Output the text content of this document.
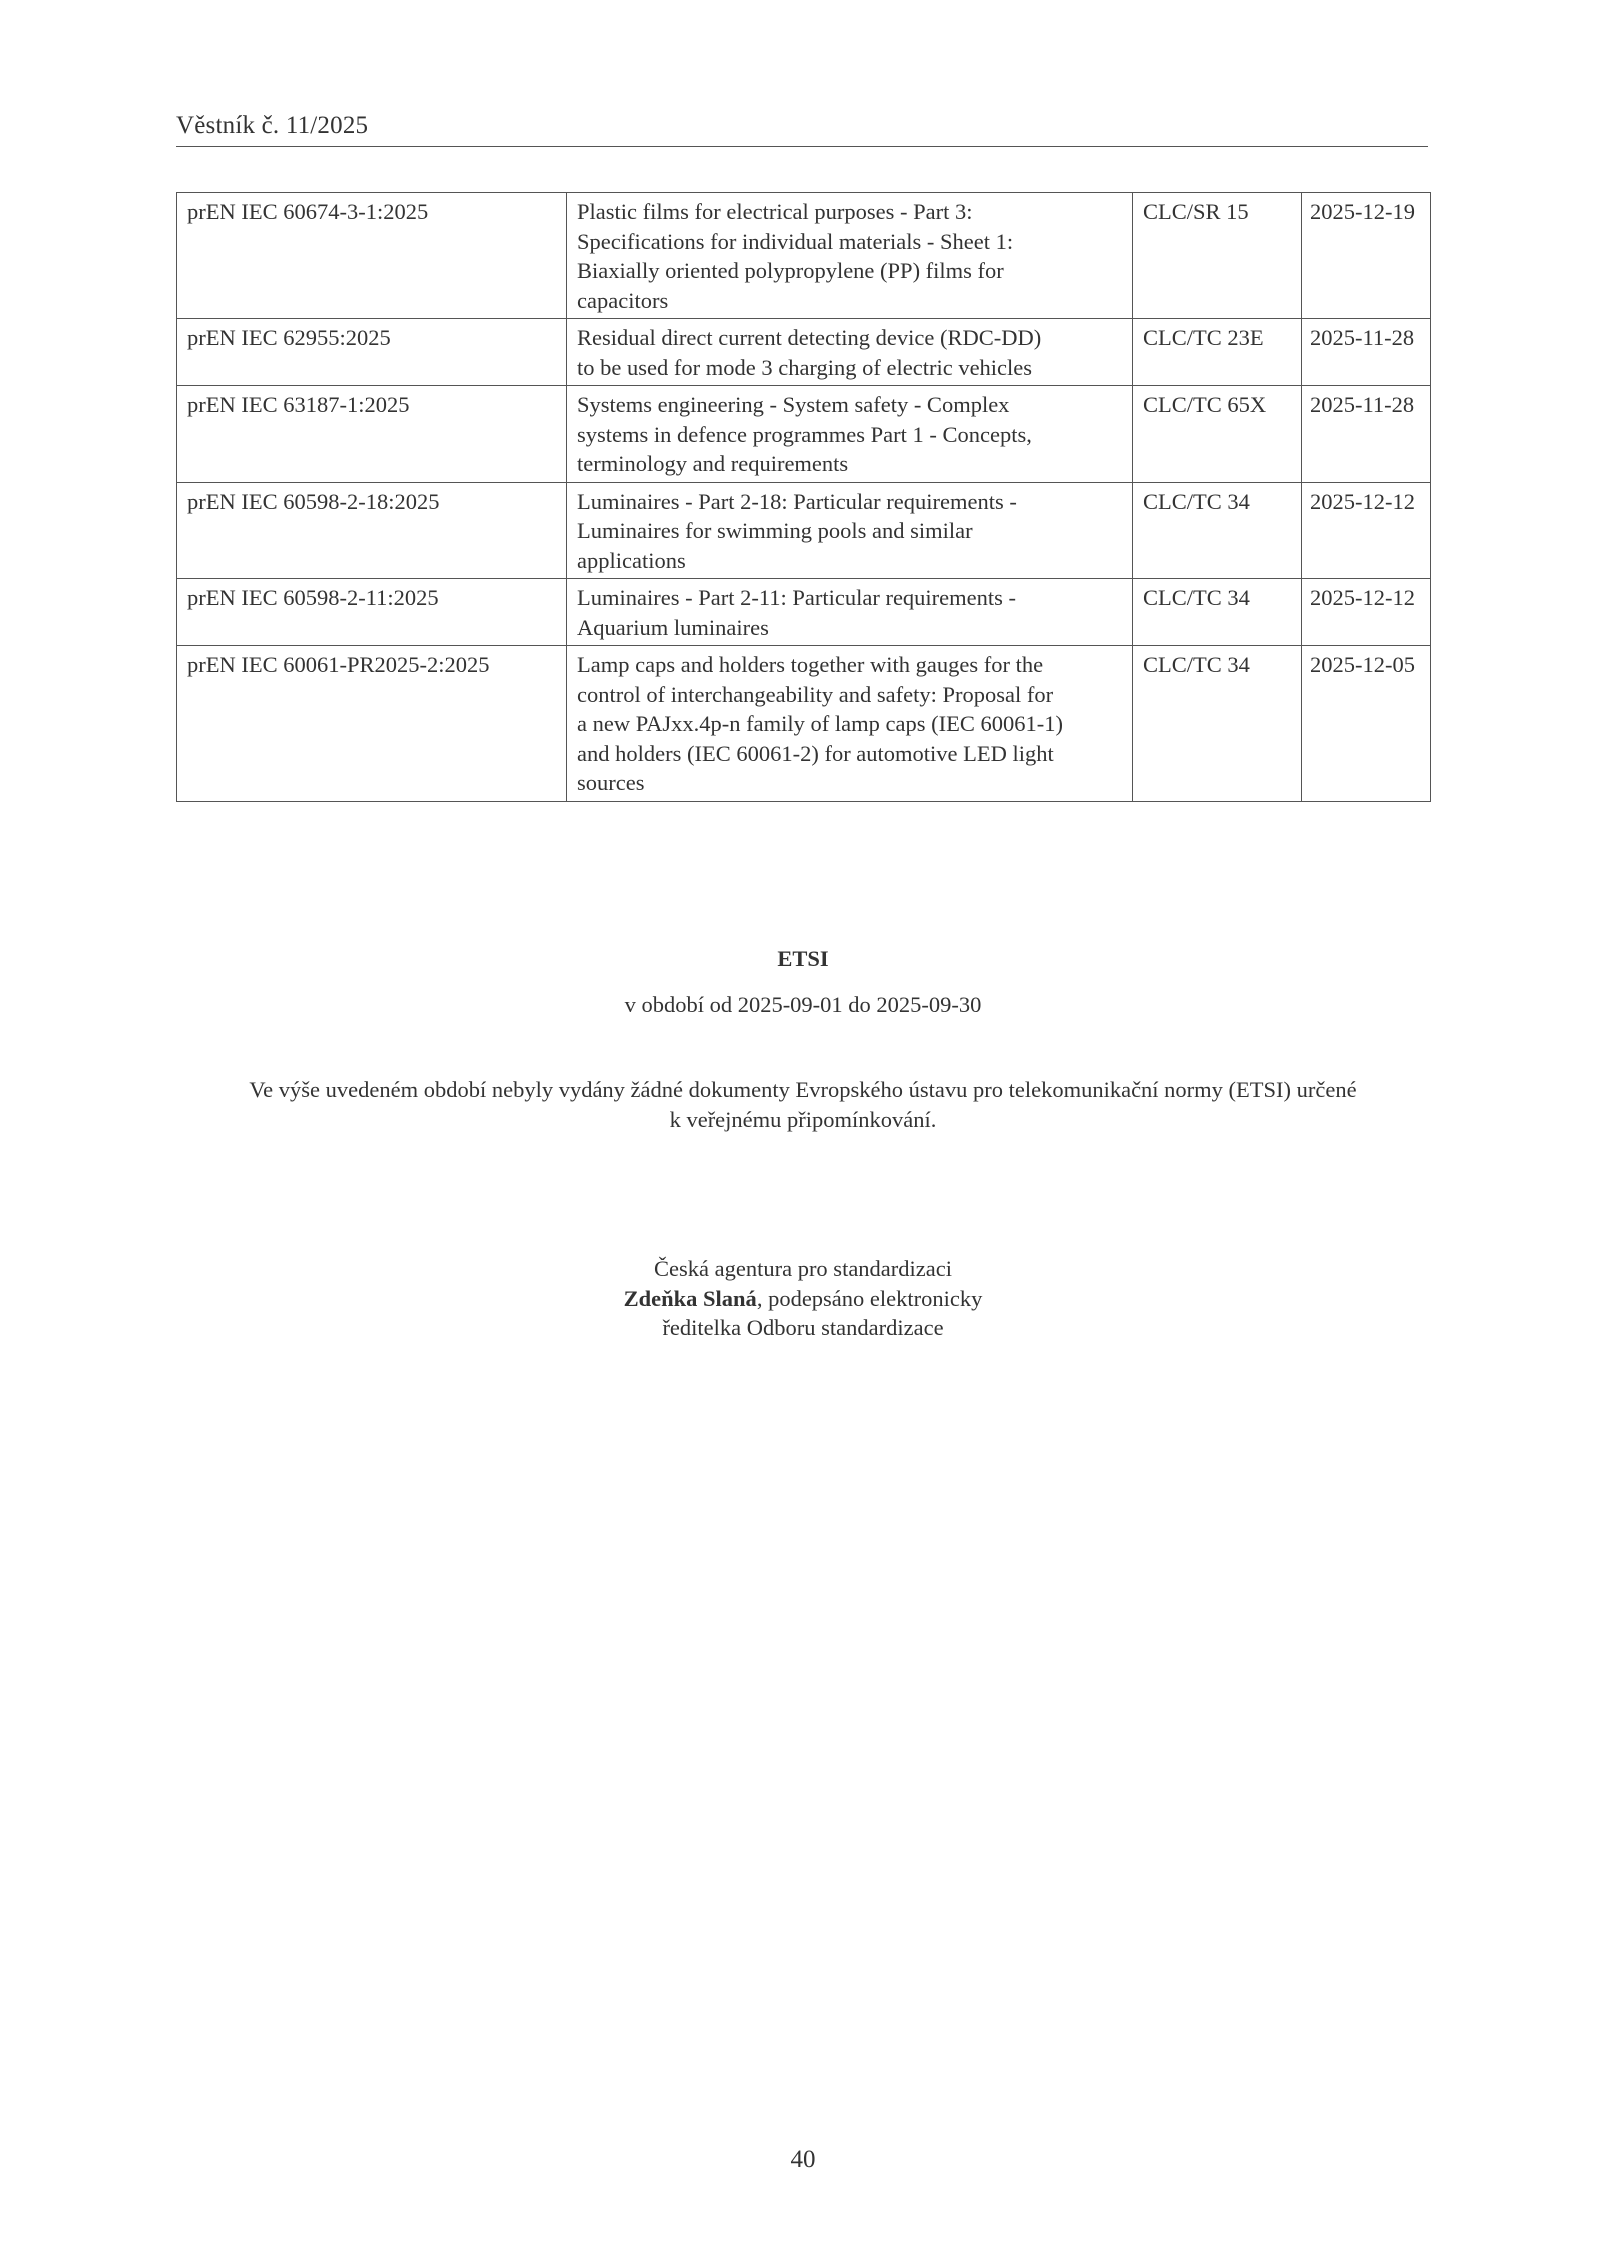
Věstník č. 11/2025
prEN IEC 60674-3-1:2025	Plastic films for electrical purposes - Part 3:
Specifications for individual materials - Sheet 1:
Biaxially oriented polypropylene (PP) films for
capacitors	CLC/SR 15	2025-12-19
prEN IEC 62955:2025	Residual direct current detecting device (RDC-DD)
to be used for mode 3 charging of electric vehicles	CLC/TC 23E	2025-11-28
prEN IEC 63187-1:2025	Systems engineering - System safety - Complex
systems in defence programmes Part 1 - Concepts,
terminology and requirements	CLC/TC 65X	2025-11-28
prEN IEC 60598-2-18:2025	Luminaires - Part 2-18: Particular requirements -
Luminaires for swimming pools and similar
applications	CLC/TC 34	2025-12-12
prEN IEC 60598-2-11:2025	Luminaires - Part 2-11: Particular requirements -
Aquarium luminaires	CLC/TC 34	2025-12-12
prEN IEC 60061-PR2025-2:2025	Lamp caps and holders together with gauges for the
control of interchangeability and safety: Proposal for
a new PAJxx.4p-n family of lamp caps (IEC 60061-1)
and holders (IEC 60061-2) for automotive LED light
sources	CLC/TC 34	2025-12-05
ETSI
v období od 2025-09-01 do 2025-09-30
Ve výše uvedeném období nebyly vydány žádné dokumenty Evropského ústavu pro telekomunikační normy (ETSI) určené
k veřejnému připomínkování.
Česká agentura pro standardizaci
Zdeňka Slaná, podepsáno elektronicky
ředitelka Odboru standardizace
40
